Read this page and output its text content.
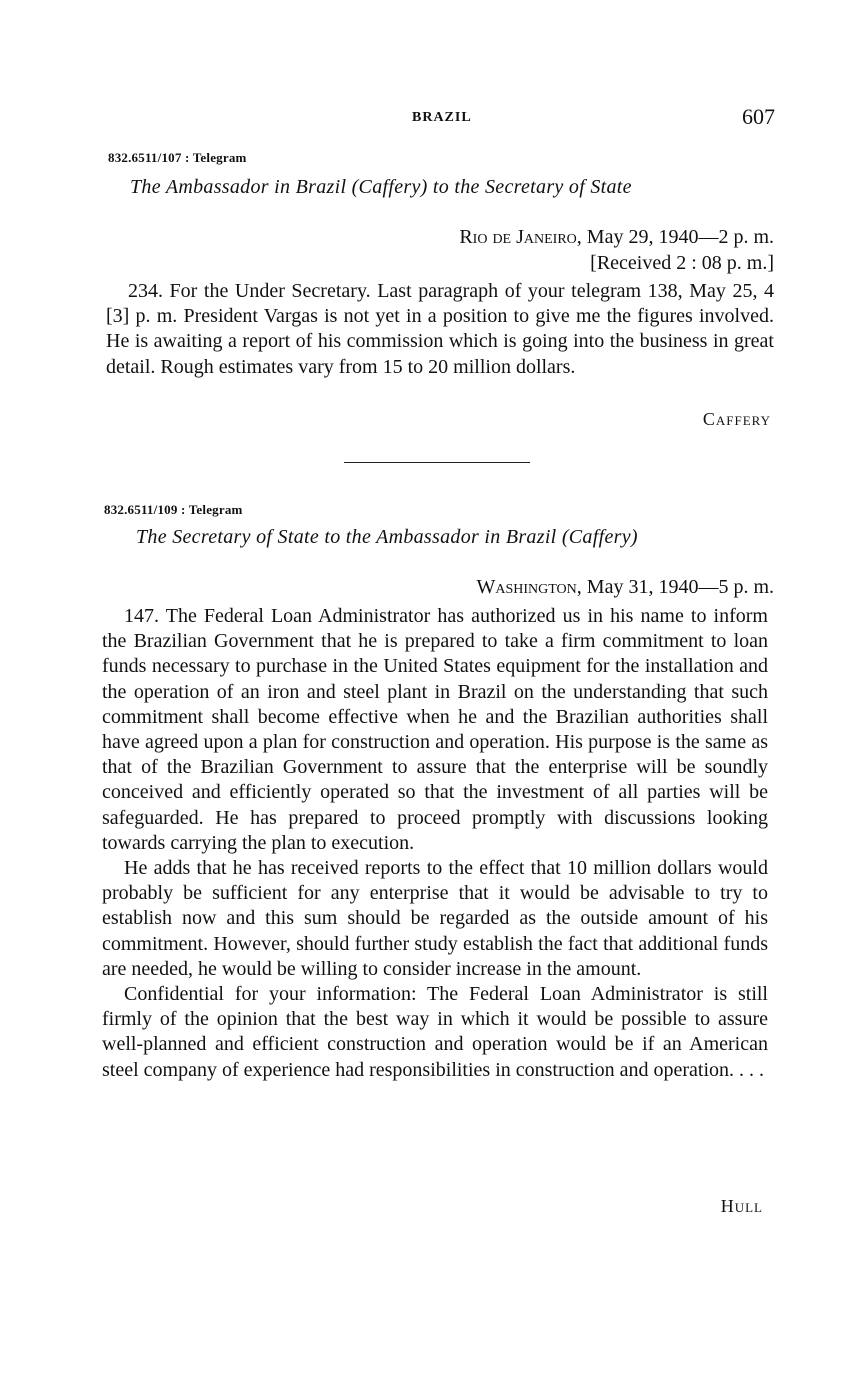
BRAZIL	607
832.6511/107 : Telegram
The Ambassador in Brazil (Caffery) to the Secretary of State
Rio de Janeiro, May 29, 1940—2 p. m.
[Received 2 : 08 p. m.]

234. For the Under Secretary. Last paragraph of your telegram 138, May 25, 4 [3] p. m. President Vargas is not yet in a position to give me the figures involved. He is awaiting a report of his commission which is going into the business in great detail. Rough estimates vary from 15 to 20 million dollars.

Caffery
832.6511/109 : Telegram
The Secretary of State to the Ambassador in Brazil (Caffery)
Washington, May 31, 1940—5 p. m.

147. The Federal Loan Administrator has authorized us in his name to inform the Brazilian Government that he is prepared to take a firm commitment to loan funds necessary to purchase in the United States equipment for the installation and the operation of an iron and steel plant in Brazil on the understanding that such commitment shall become effective when he and the Brazilian authorities shall have agreed upon a plan for construction and operation. His purpose is the same as that of the Brazilian Government to assure that the enterprise will be soundly conceived and efficiently operated so that the investment of all parties will be safeguarded. He has prepared to proceed promptly with discussions looking towards carrying the plan to execution.

He adds that he has received reports to the effect that 10 million dollars would probably be sufficient for any enterprise that it would be advisable to try to establish now and this sum should be regarded as the outside amount of his commitment. However, should further study establish the fact that additional funds are needed, he would be willing to consider increase in the amount.

Confidential for your information: The Federal Loan Administrator is still firmly of the opinion that the best way in which it would be possible to assure well-planned and efficient construction and operation would be if an American steel company of experience had responsibilities in construction and operation. . . .

Hull
